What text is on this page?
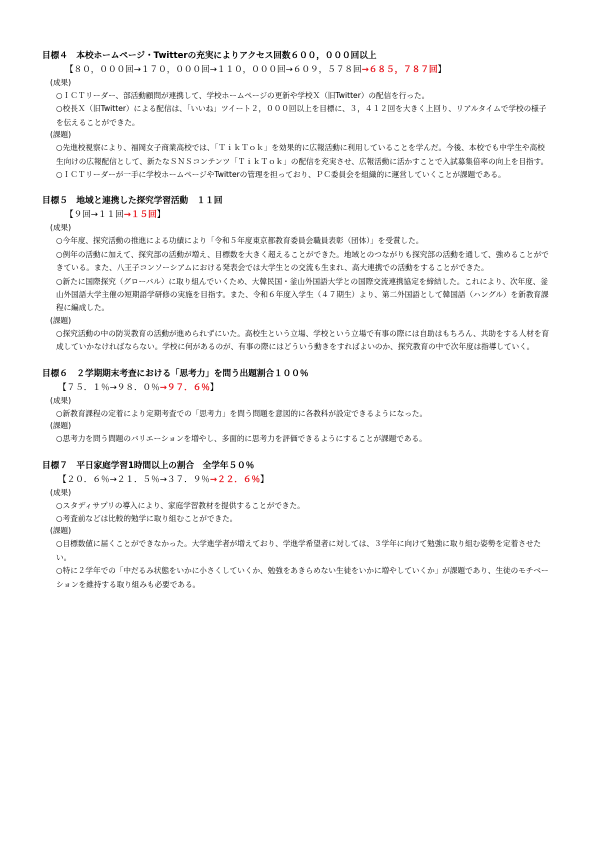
目標４　本校ホームページ・Twitterの充実によりアクセス回数６００，０００回以上
【８０，０００回→１７０，０００回→１１０，０００回→６０９，５７８回→６８５，７８７回】
(成果)
○ＩＣＴリーダー、部活動顧問が連携して、学校ホームページの更新や学校Ｘ（旧Twitter）の配信を行った。
○校長Ｘ（旧Twitter）による配信は、「いいね」ツイート２，０００回以上を目標に、３，４１２回を大きく上回り、リアルタイムで学校の様子を伝えることができた。
(課題)
○先進校視察により、福岡女子商業高校では、「ＴｉｋＴｏｋ」を効果的に広報活動に利用していることを学んだ。今後、本校でも中学生や高校生向けの広報配信として、新たなＳＮＳコンテンツ「ＴｉｋＴｏｋ」の配信を充実させ、広報活動に活かすことで入試募集倍率の向上を目指す。
○ＩＣＴリーダーが一手に学校ホームページやTwitterの管理を担っており、ＰＣ委員会を組織的に運営していくことが課題である。
目標５　地域と連携した探究学習活動　１１回
【９回→１１回→１５回】
(成果)
○今年度、探究活動の推進による功績により「令和５年度東京都教育委員会職員表彰（団体）」を受賞した。
○例年の活動に加えて、探究部の活動が増え、目標数を大きく超えることができた。地域とのつながりも探究部の活動を通して、強めることができている。また、八王子コンソーシアムにおける発表会では大学生との交流も生まれ、高大連携での活動をすることができた。
○新たに国際探究（グローバル）に取り組んでいくため、大韓民国・釜山外国語大学との国際交流連携協定を締結した。これにより、次年度、釜山外国語大学主催の短期語学研修の実施を目指す。また、令和６年度入学生（４７期生）より、第二外国語として韓国語（ハングル）を新教育課程に編成した。
(課題)
○探究活動の中の防災教育の活動が進められずにいた。高校生という立場、学校という立場で有事の際には自助はもちろん、共助をする人材を育成していかなければならない。学校に何があるのが、有事の際にはどういう動きをすればよいのか、探究教育の中で次年度は指導していく。
目標６　２学期期末考査における「思考力」を問う出題割合１００％
【７５．１％→９８．０％→９７．６％】
(成果)
○新教育課程の定着により定期考査での「思考力」を問う問題を意図的に各教科が設定できるようになった。
(課題)
○思考力を問う問題のバリエーションを増やし、多面的に思考力を評価できるようにすることが課題である。
目標７　平日家庭学習1時間以上の割合　全学年５０％
【２０．６％→２１．５％→３７．９％→２２．６％】
(成果)
○スタディサプリの導入により、家庭学習教材を提供することができた。
○考査前などは比較的勉学に取り組むことができた。
(課題)
○目標数値に届くことができなかった。大学進学者が増えており、学進学希望者に対しては、３学年に向けて勉強に取り組む姿勢を定着させたい。
○特に２学年での「中だるみ状態をいかに小さくしていくか、勉強をあきらめない生徒をいかに増やしていくか」が課題であり、生徒のモチベーションを維持する取り組みも必要である。
